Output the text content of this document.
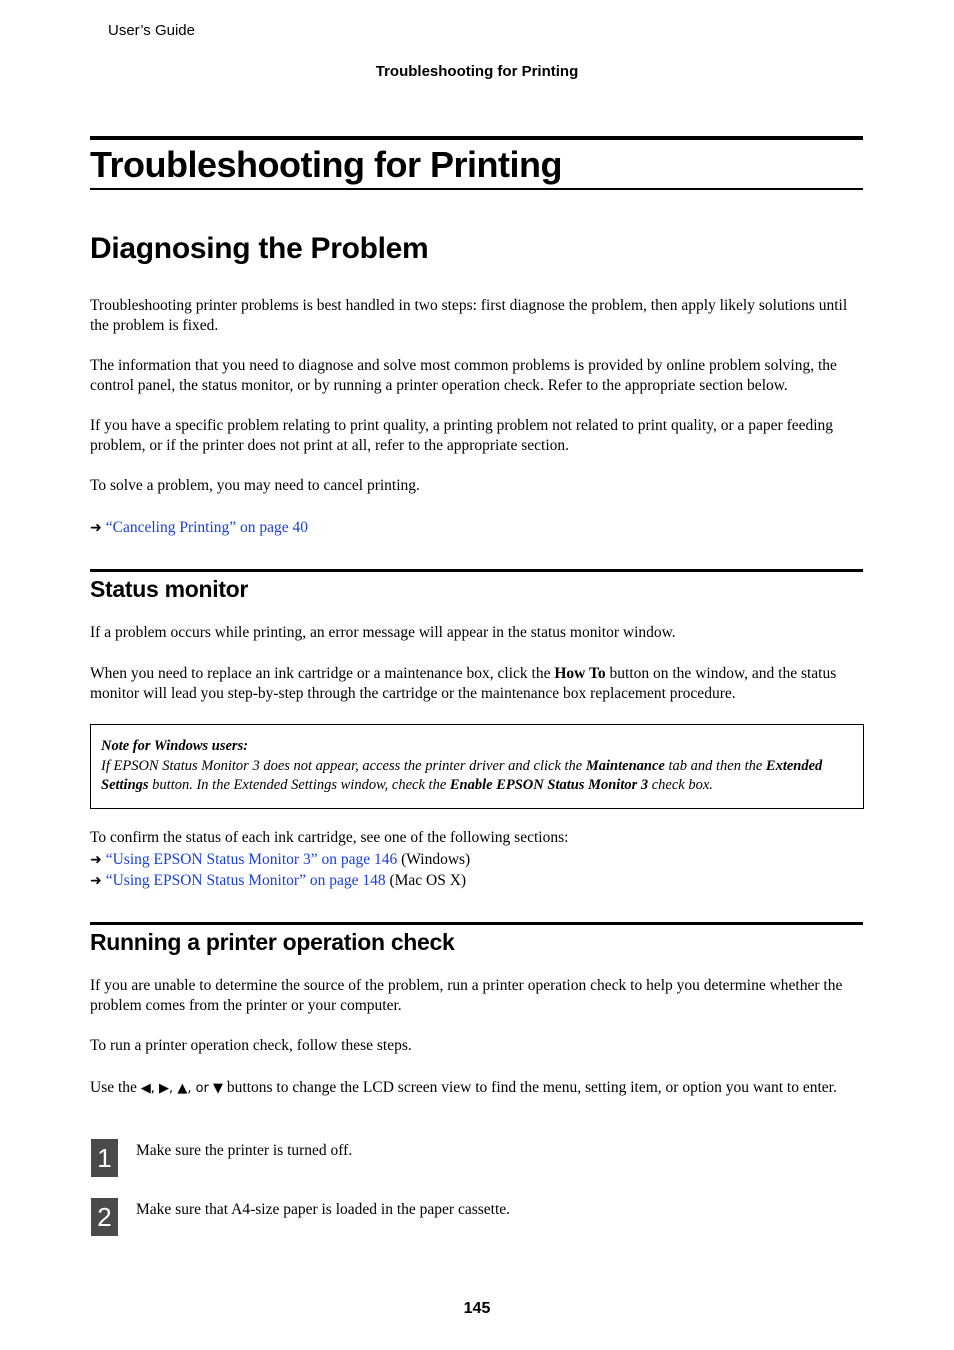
User’s Guide
Troubleshooting for Printing
Troubleshooting for Printing
Diagnosing the Problem
Troubleshooting printer problems is best handled in two steps: first diagnose the problem, then apply likely solutions until the problem is fixed.
The information that you need to diagnose and solve most common problems is provided by online problem solving, the control panel, the status monitor, or by running a printer operation check. Refer to the appropriate section below.
If you have a specific problem relating to print quality, a printing problem not related to print quality, or a paper feeding problem, or if the printer does not print at all, refer to the appropriate section.
To solve a problem, you may need to cancel printing.
➜ “Canceling Printing” on page 40
Status monitor
If a problem occurs while printing, an error message will appear in the status monitor window.
When you need to replace an ink cartridge or a maintenance box, click the How To button on the window, and the status monitor will lead you step-by-step through the cartridge or the maintenance box replacement procedure.
Note for Windows users:
If EPSON Status Monitor 3 does not appear, access the printer driver and click the Maintenance tab and then the Extended Settings button. In the Extended Settings window, check the Enable EPSON Status Monitor 3 check box.
To confirm the status of each ink cartridge, see one of the following sections:
➜ “Using EPSON Status Monitor 3” on page 146 (Windows)
➜ “Using EPSON Status Monitor” on page 148 (Mac OS X)
Running a printer operation check
If you are unable to determine the source of the problem, run a printer operation check to help you determine whether the problem comes from the printer or your computer.
To run a printer operation check, follow these steps.
Use the ◀, ▶, ▲, or ▼ buttons to change the LCD screen view to find the menu, setting item, or option you want to enter.
1	Make sure the printer is turned off.
2	Make sure that A4-size paper is loaded in the paper cassette.
145
